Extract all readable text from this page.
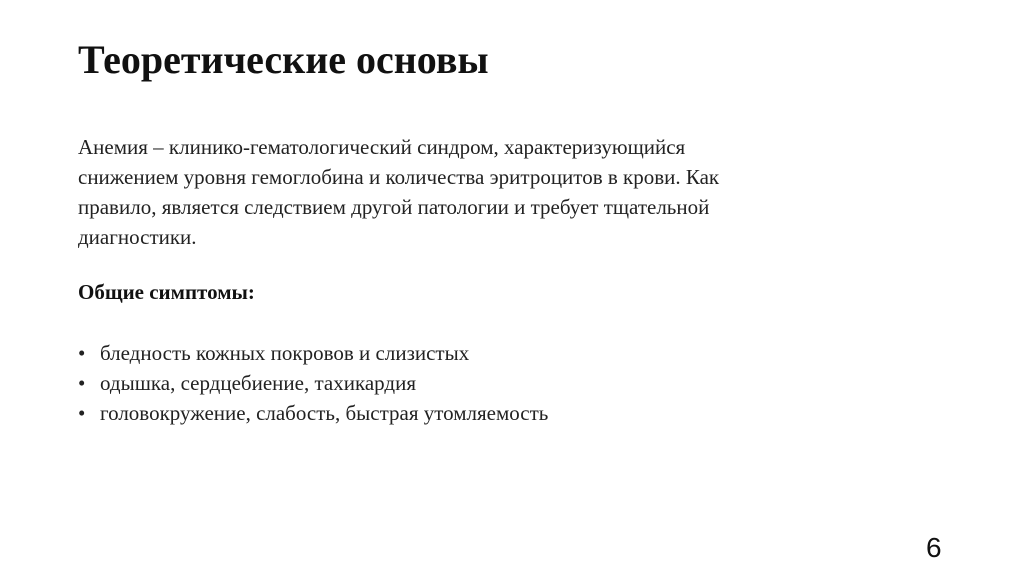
Теоретические основы

Анемия – клинико-гематологический синдром, характеризующийся

снижением уровня гемоглобина и количества эритроцитов в крови. Как

правило, является следствием другой патологии и требует тщательной

диагностики.

Общие симптомы:
• бледность кожных покровов и слизистых
• одышка, сердцебиение, тахикардия
• головокружение, слабость, быстрая утомляемость
6
